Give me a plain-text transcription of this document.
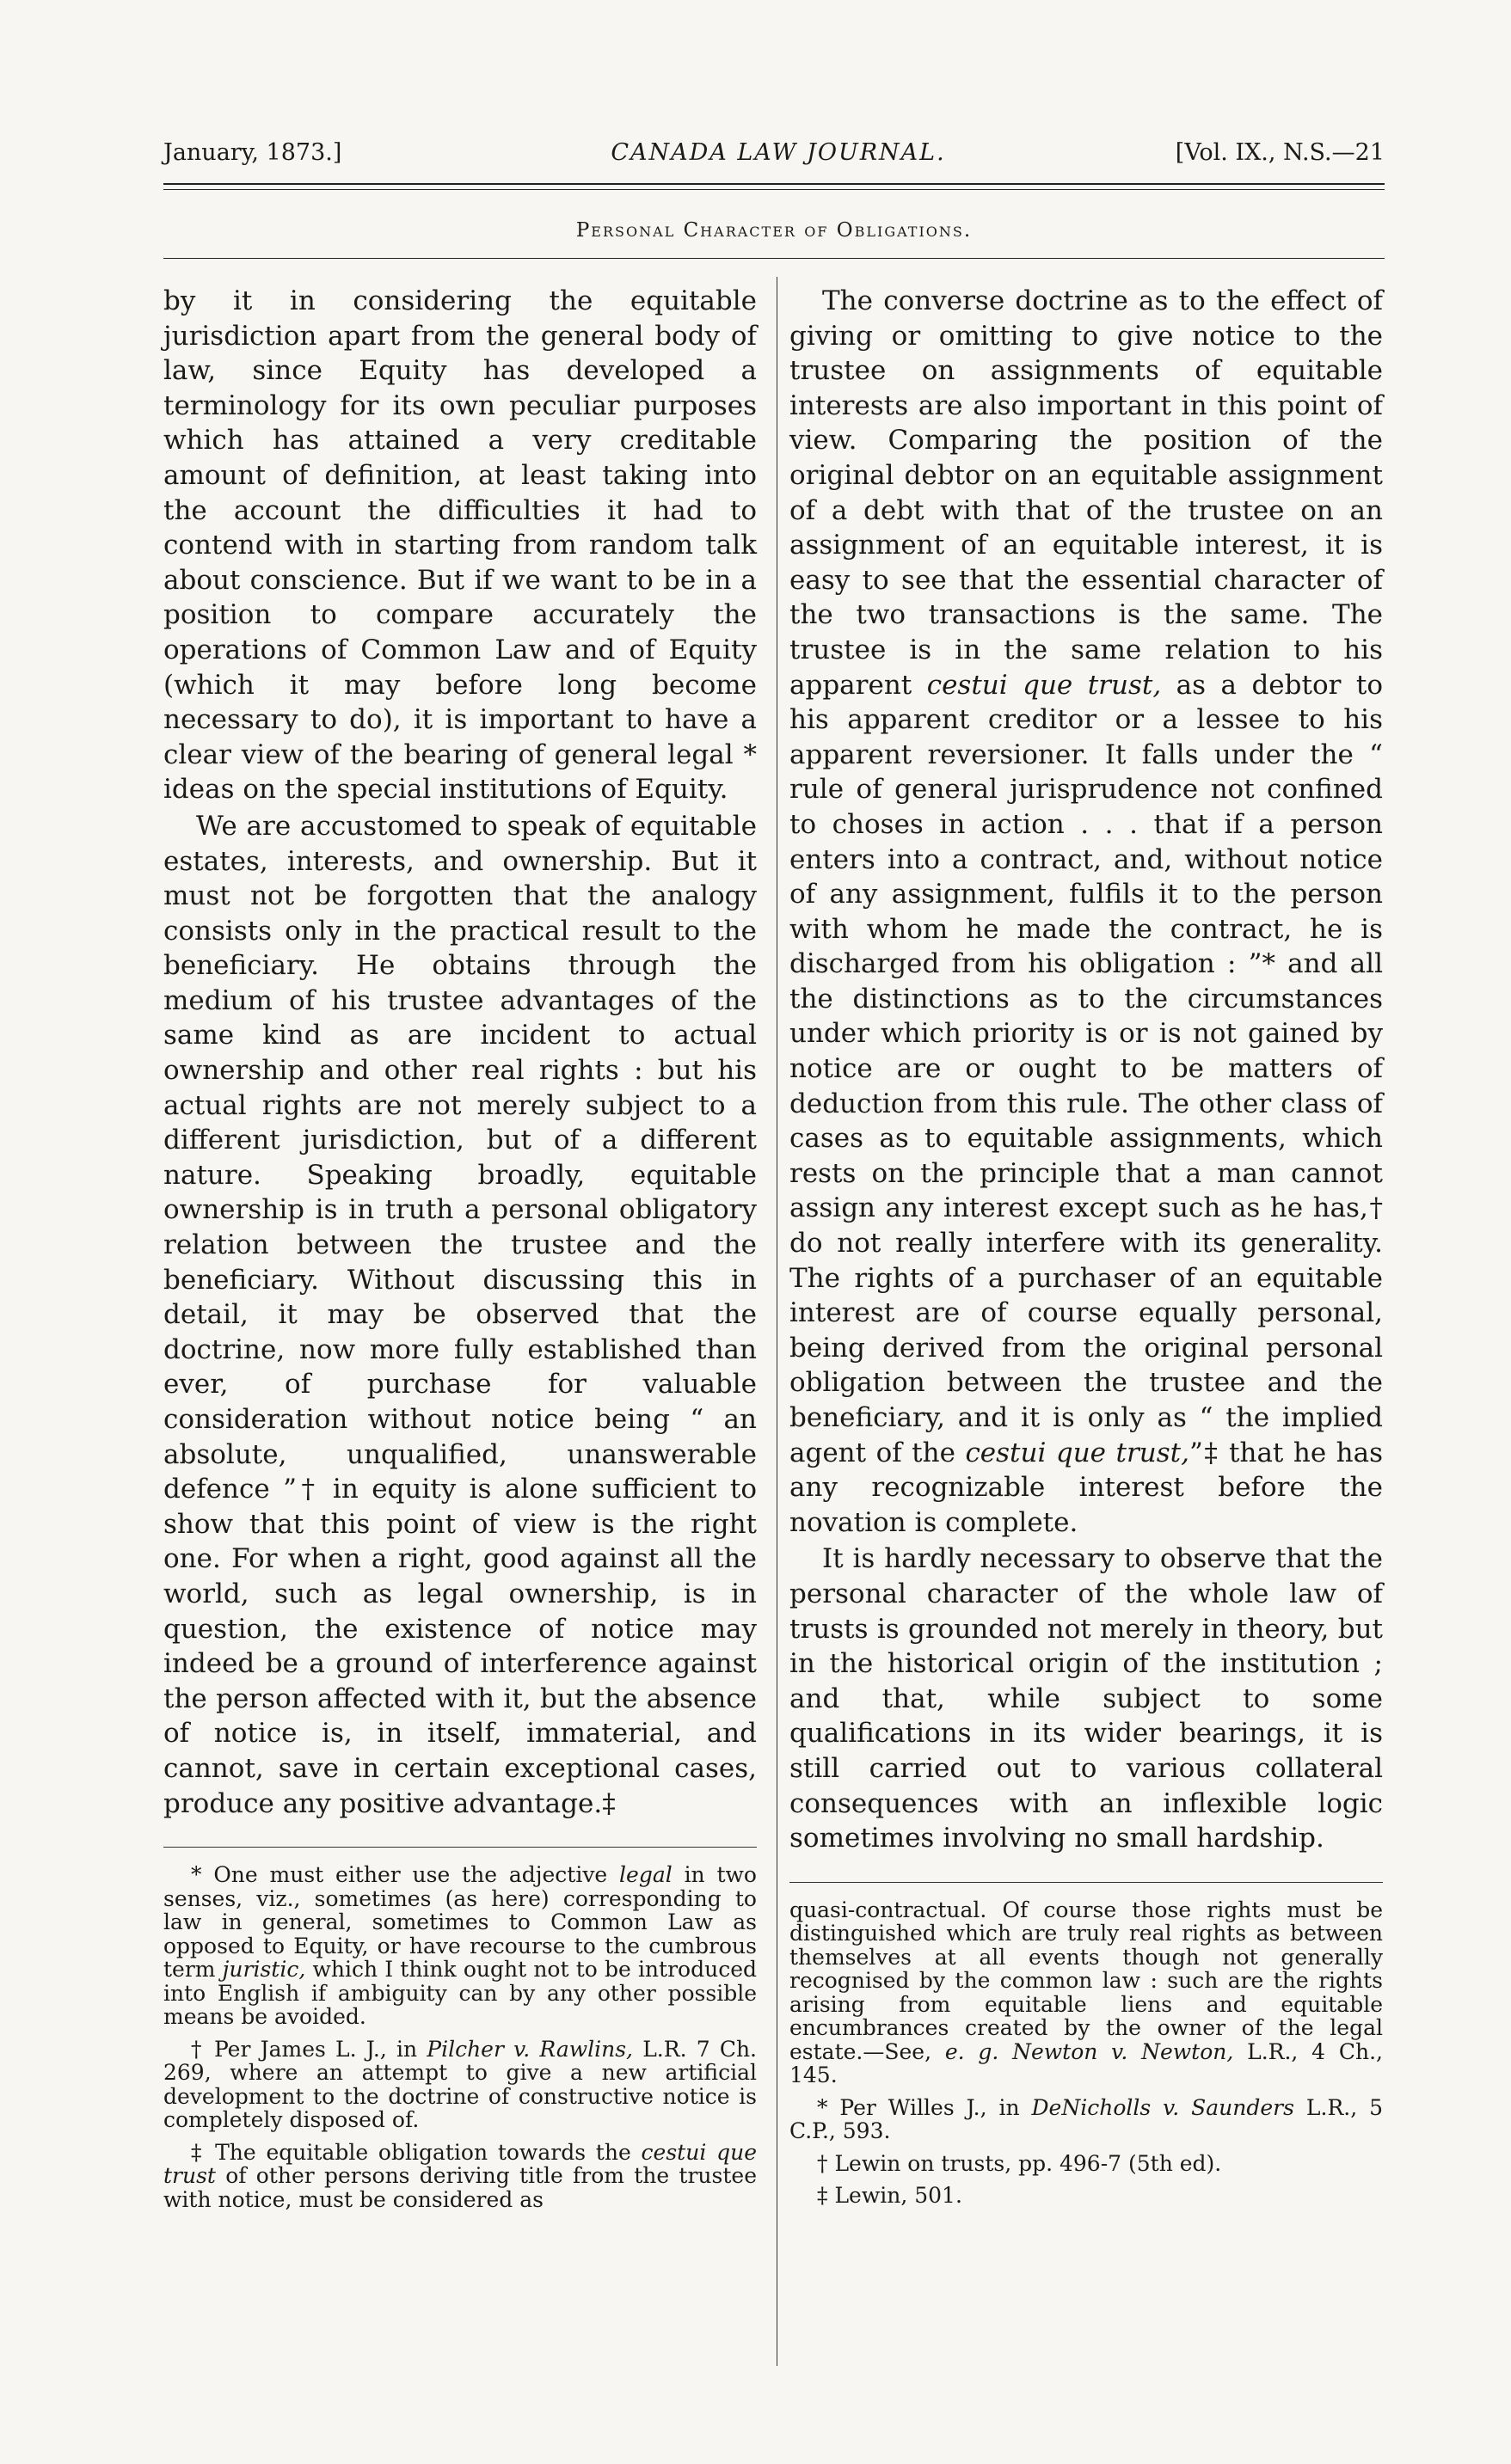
January, 1873.]	CANADA LAW JOURNAL.	[Vol. IX., N.S.—21
Personal Character of Obligations.

by it in considering the equitable jurisdiction apart from the general body of law, since Equity has developed a terminology for its own peculiar purposes which has attained a very creditable amount of definition, at least taking into the account the difficulties it had to contend with in starting from random talk about conscience. But if we want to be in a position to compare accurately the operations of Common Law and of Equity (which it may before long become necessary to do), it is important to have a clear view of the bearing of general legal * ideas on the special institutions of Equity.

We are accustomed to speak of equitable estates, interests, and ownership. But it must not be forgotten that the analogy consists only in the practical result to the beneficiary. He obtains through the medium of his trustee advantages of the same kind as are incident to actual ownership and other real rights : but his actual rights are not merely subject to a different jurisdiction, but of a different nature. Speaking broadly, equitable ownership is in truth a personal obligatory relation between the trustee and the beneficiary. Without discussing this in detail, it may be observed that the doctrine, now more fully established than ever, of purchase for valuable consideration without notice being “ an absolute, unqualified, unanswerable defence ”† in equity is alone sufficient to show that this point of view is the right one. For when a right, good against all the world, such as legal ownership, is in question, the existence of notice may indeed be a ground of interference against the person affected with it, but the absence of notice is, in itself, immaterial, and cannot, save in certain exceptional cases, produce any positive advantage.‡

* One must either use the adjective legal in two senses, viz., sometimes (as here) corresponding to law in general, sometimes to Common Law as opposed to Equity, or have recourse to the cumbrous term juristic, which I think ought not to be introduced into English if ambiguity can by any other possible means be avoided.

† Per James L. J., in Pilcher v. Rawlins, L.R. 7 Ch. 269, where an attempt to give a new artificial development to the doctrine of constructive notice is completely disposed of.

‡ The equitable obligation towards the cestui que trust of other persons deriving title from the trustee with notice, must be considered as

The converse doctrine as to the effect of giving or omitting to give notice to the trustee on assignments of equitable interests are also important in this point of view. Comparing the position of the original debtor on an equitable assignment of a debt with that of the trustee on an assignment of an equitable interest, it is easy to see that the essential character of the two transactions is the same. The trustee is in the same relation to his apparent cestui que trust, as a debtor to his apparent creditor or a lessee to his apparent reversioner. It falls under the “ rule of general jurisprudence not confined to choses in action . . . that if a person enters into a contract, and, without notice of any assignment, fulfils it to the person with whom he made the contract, he is discharged from his obligation : ”* and all the distinctions as to the circumstances under which priority is or is not gained by notice are or ought to be matters of deduction from this rule. The other class of cases as to equitable assignments, which rests on the principle that a man cannot assign any interest except such as he has,† do not really interfere with its generality. The rights of a purchaser of an equitable interest are of course equally personal, being derived from the original personal obligation between the trustee and the beneficiary, and it is only as “ the implied agent of the cestui que trust,”‡ that he has any recognizable interest before the novation is complete.

It is hardly necessary to observe that the personal character of the whole law of trusts is grounded not merely in theory, but in the historical origin of the institution ; and that, while subject to some qualifications in its wider bearings, it is still carried out to various collateral consequences with an inflexible logic sometimes involving no small hardship.

quasi-contractual. Of course those rights must be distinguished which are truly real rights as between themselves at all events though not generally recognised by the common law : such are the rights arising from equitable liens and equitable encumbrances created by the owner of the legal estate.—See, e. g. Newton v. Newton, L.R., 4 Ch., 145.

* Per Willes J., in DeNicholls v. Saunders L.R., 5 C.P., 593.

† Lewin on trusts, pp. 496-7 (5th ed).

‡ Lewin, 501.
